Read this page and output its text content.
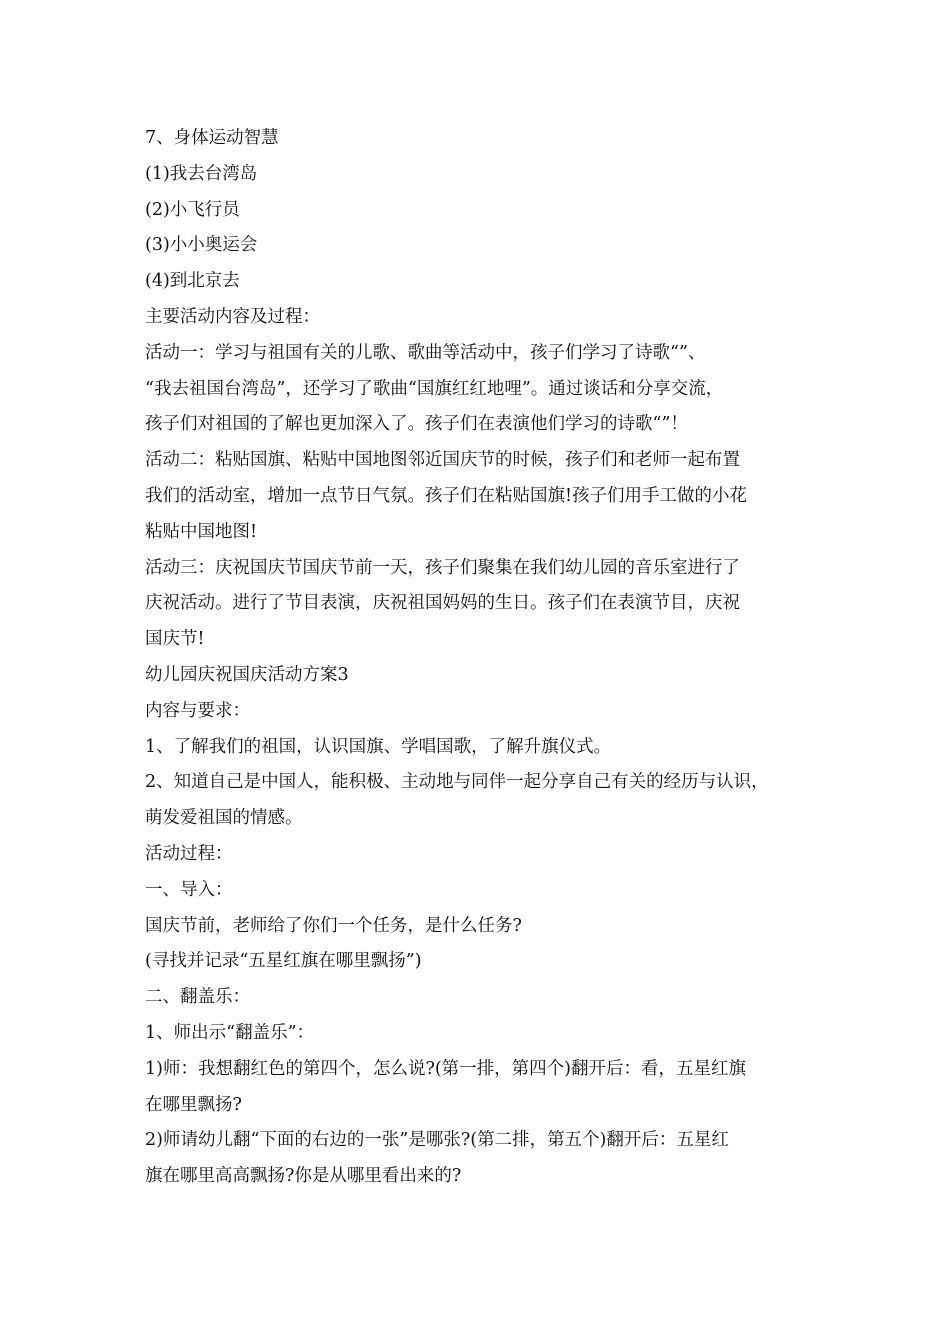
7、身体运动智慧
(1)我去台湾岛
(2)小飞行员
(3)小小奥运会
(4)到北京去
主要活动内容及过程：
活动一：学习与祖国有关的儿歌、歌曲等活动中，孩子们学习了诗歌“”、
“我去祖国台湾岛”，还学习了歌曲“国旗红红地哩”。通过谈话和分享交流，
孩子们对祖国的了解也更加深入了。孩子们在表演他们学习的诗歌“”！
活动二：粘贴国旗、粘贴中国地图邻近国庆节的时候，孩子们和老师一起布置
我们的活动室，增加一点节日气氛。孩子们在粘贴国旗!孩子们用手工做的小花
粘贴中国地图!
活动三：庆祝国庆节国庆节前一天，孩子们聚集在我们幼儿园的音乐室进行了
庆祝活动。进行了节目表演，庆祝祖国妈妈的生日。孩子们在表演节目，庆祝
国庆节!
幼儿园庆祝国庆活动方案3
内容与要求：
1、了解我们的祖国，认识国旗、学唱国歌，了解升旗仪式。
2、知道自己是中国人，能积极、主动地与同伴一起分享自己有关的经历与认识，
萌发爱祖国的情感。
活动过程：
一、导入：
国庆节前，老师给了你们一个任务，是什么任务?
(寻找并记录“五星红旗在哪里飘扬”)
二、翻盖乐：
1、师出示“翻盖乐”：
1)师：我想翻红色的第四个，怎么说?(第一排，第四个)翻开后：看，五星红旗
在哪里飘扬?
2)师请幼儿翻“下面的右边的一张”是哪张?(第二排，第五个)翻开后：五星红
旗在哪里高高飘扬?你是从哪里看出来的?
